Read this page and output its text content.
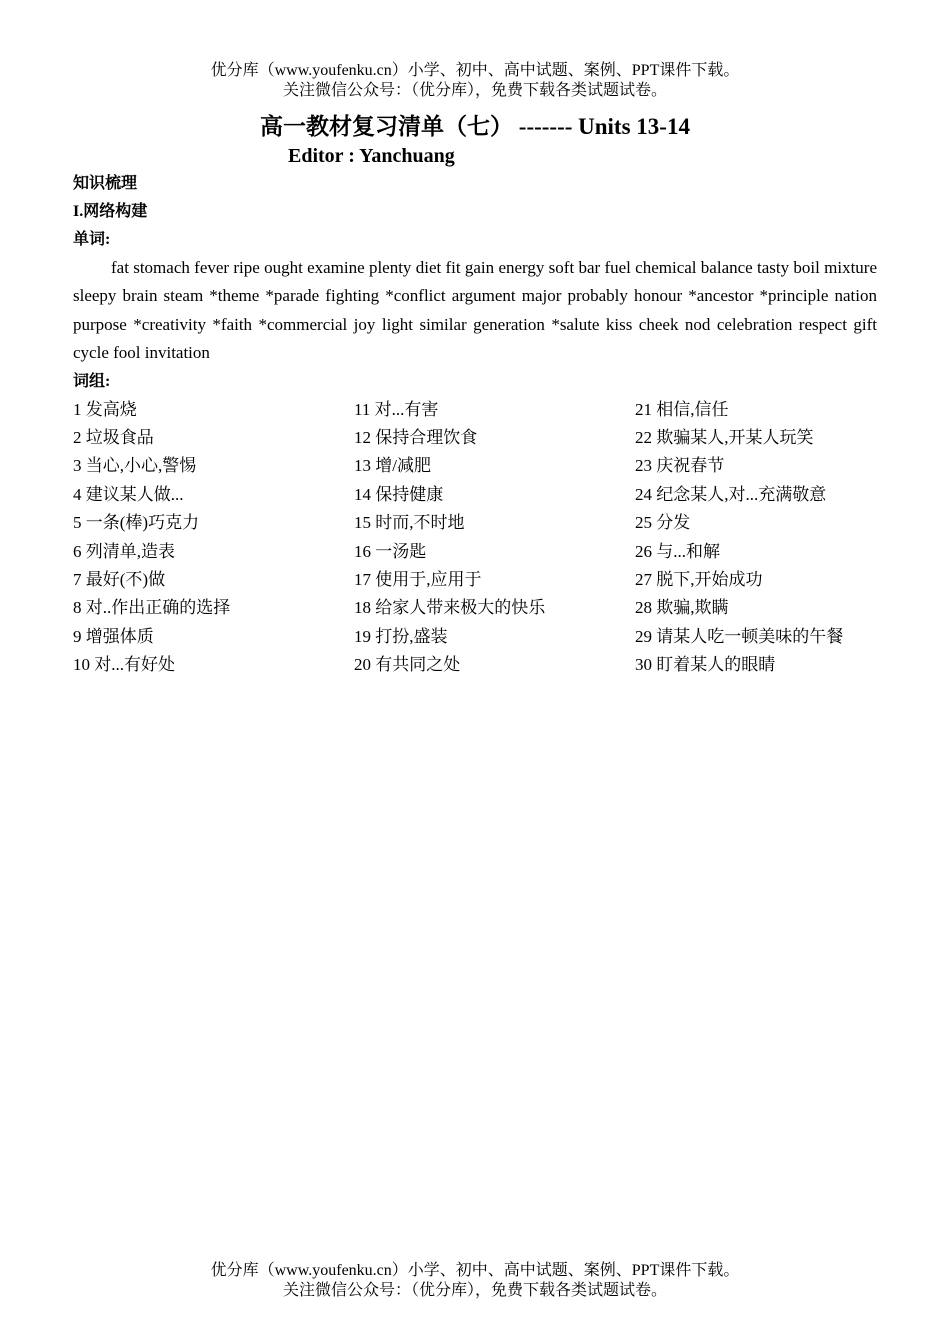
优分库（www.youfenku.cn）小学、初中、高中试题、案例、PPT课件下载。
关注微信公众号：（优分库），免费下载各类试题试卷。
高一教材复习清单（七） ------- Units 13-14
Editor : Yanchuang
知识梳理
I.网络构建
单词:

fat stomach fever ripe ought examine plenty diet fit gain energy soft bar fuel chemical balance tasty boil mixture sleepy brain steam *theme *parade fighting *conflict argument major probably honour *ancestor *principle nation purpose *creativity *faith *commercial joy light similar generation *salute kiss cheek nod celebration respect gift cycle fool invitation

词组:
1 发高烧	11 对...有害	21 相信,信任
2 垃圾食品	12 保持合理饮食	22 欺骗某人,开某人玩笑
3 当心,小心,警惕	13 增/减肥	23 庆祝春节
4 建议某人做...	14 保持健康	24 纪念某人,对...充满敬意
5 一条(棒)巧克力	15 时而,不时地	25 分发
6 列清单,造表	16 一汤匙	26 与...和解
7 最好(不)做	17 使用于,应用于	27 脱下,开始成功
8 对..作出正确的选择	18 给家人带来极大的快乐	28 欺骗,欺瞒
9 增强体质	19 打扮,盛装	29 请某人吃一顿美味的午餐
10 对...有好处	20 有共同之处	30 盯着某人的眼睛
优分库（www.youfenku.cn）小学、初中、高中试题、案例、PPT课件下载。
关注微信公众号：（优分库），免费下载各类试题试卷。
